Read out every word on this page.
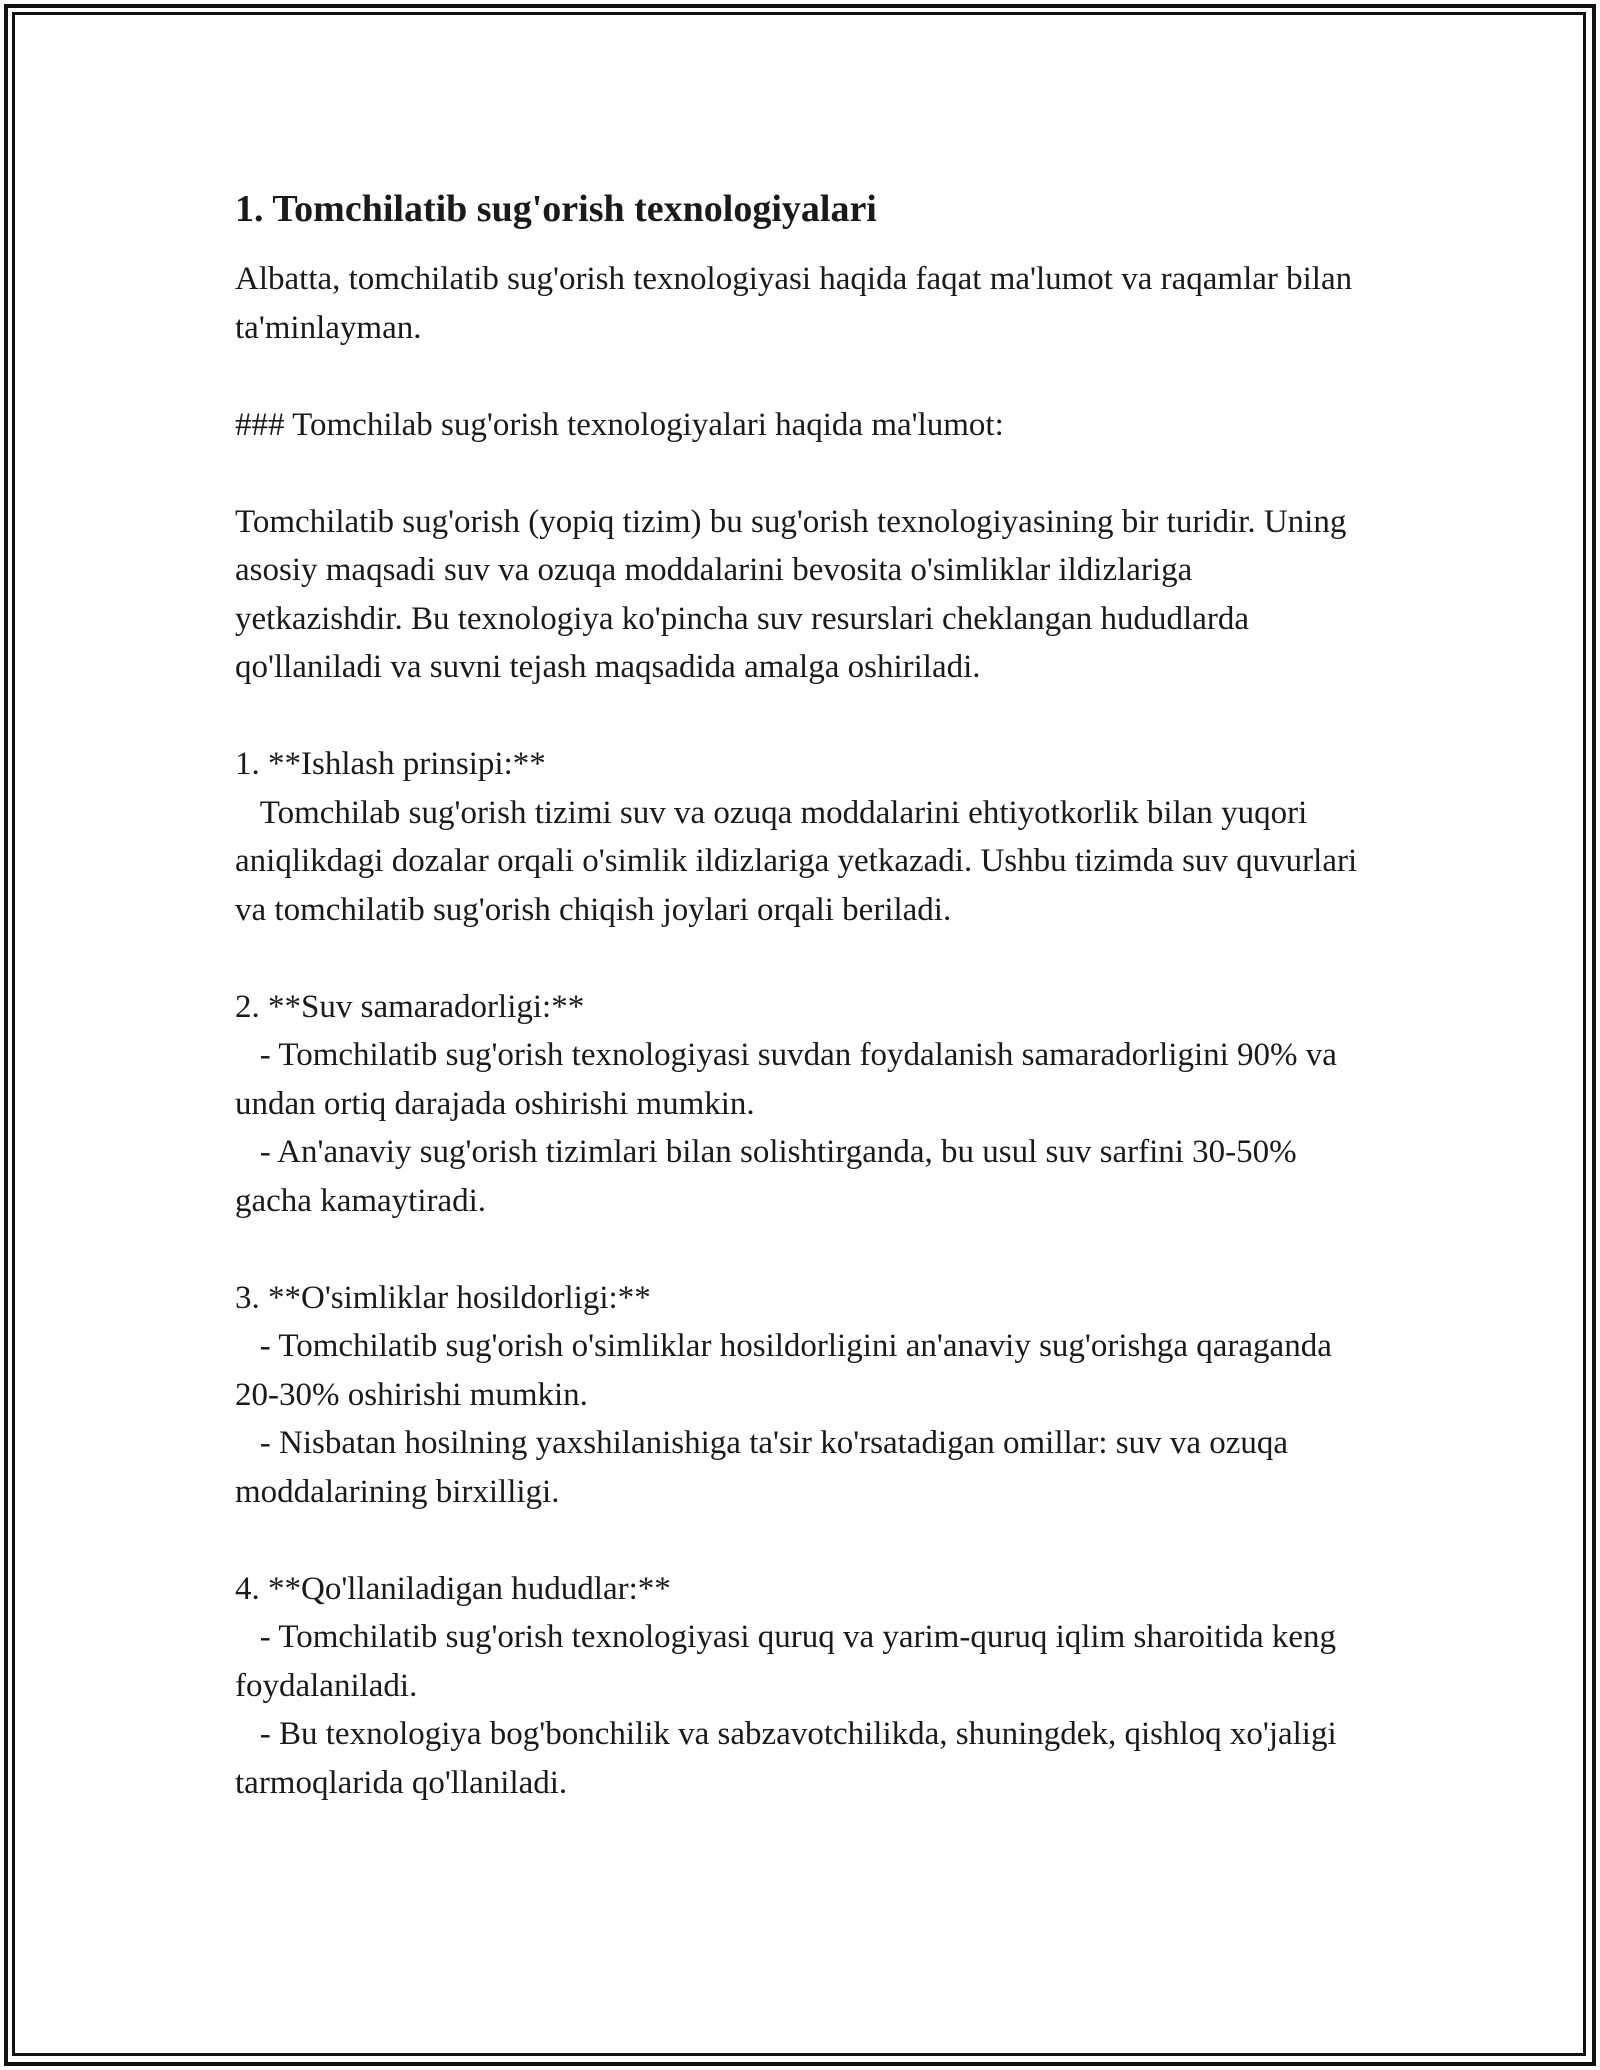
1. Tomchilatib sug'orish texnologiyalari

Albatta, tomchilatib sug'orish texnologiyasi haqida faqat ma'lumot va raqamlar bilan ta'minlayman.

### Tomchilab sug'orish texnologiyalari haqida ma'lumot:

Tomchilatib sug'orish (yopiq tizim) bu sug'orish texnologiyasining bir turidir. Uning asosiy maqsadi suv va ozuqa moddalarini bevosita o'simliklar ildizlariga yetkazishdir. Bu texnologiya ko'pincha suv resurslari cheklangan hududlarda qo'llaniladi va suvni tejash maqsadida amalga oshiriladi.

1. **Ishlash prinsipi:**

Tomchilab sug'orish tizimi suv va ozuqa moddalarini ehtiyotkorlik bilan yuqori aniqlikdagi dozalar orqali o'simlik ildizlariga yetkazadi. Ushbu tizimda suv quvurlari va tomchilatib sug'orish chiqish joylari orqali beriladi.

2. **Suv samaradorligi:**

- Tomchilatib sug'orish texnologiyasi suvdan foydalanish samaradorligini 90% va undan ortiq darajada oshirishi mumkin.

- An'anaviy sug'orish tizimlari bilan solishtirganda, bu usul suv sarfini 30-50% gacha kamaytiradi.

3. **O'simliklar hosildorligi:**

- Tomchilatib sug'orish o'simliklar hosildorligini an'anaviy sug'orishga qaraganda 20-30% oshirishi mumkin.

- Nisbatan hosilning yaxshilanishiga ta'sir ko'rsatadigan omillar: suv va ozuqa moddalarining birxilligi.

4. **Qo'llaniladigan hududlar:**

- Tomchilatib sug'orish texnologiyasi quruq va yarim-quruq iqlim sharoitida keng foydalaniladi.

- Bu texnologiya bog'bonchilik va sabzavotchilikda, shuningdek, qishloq xo'jaligi tarmoqlarida qo'llaniladi.
